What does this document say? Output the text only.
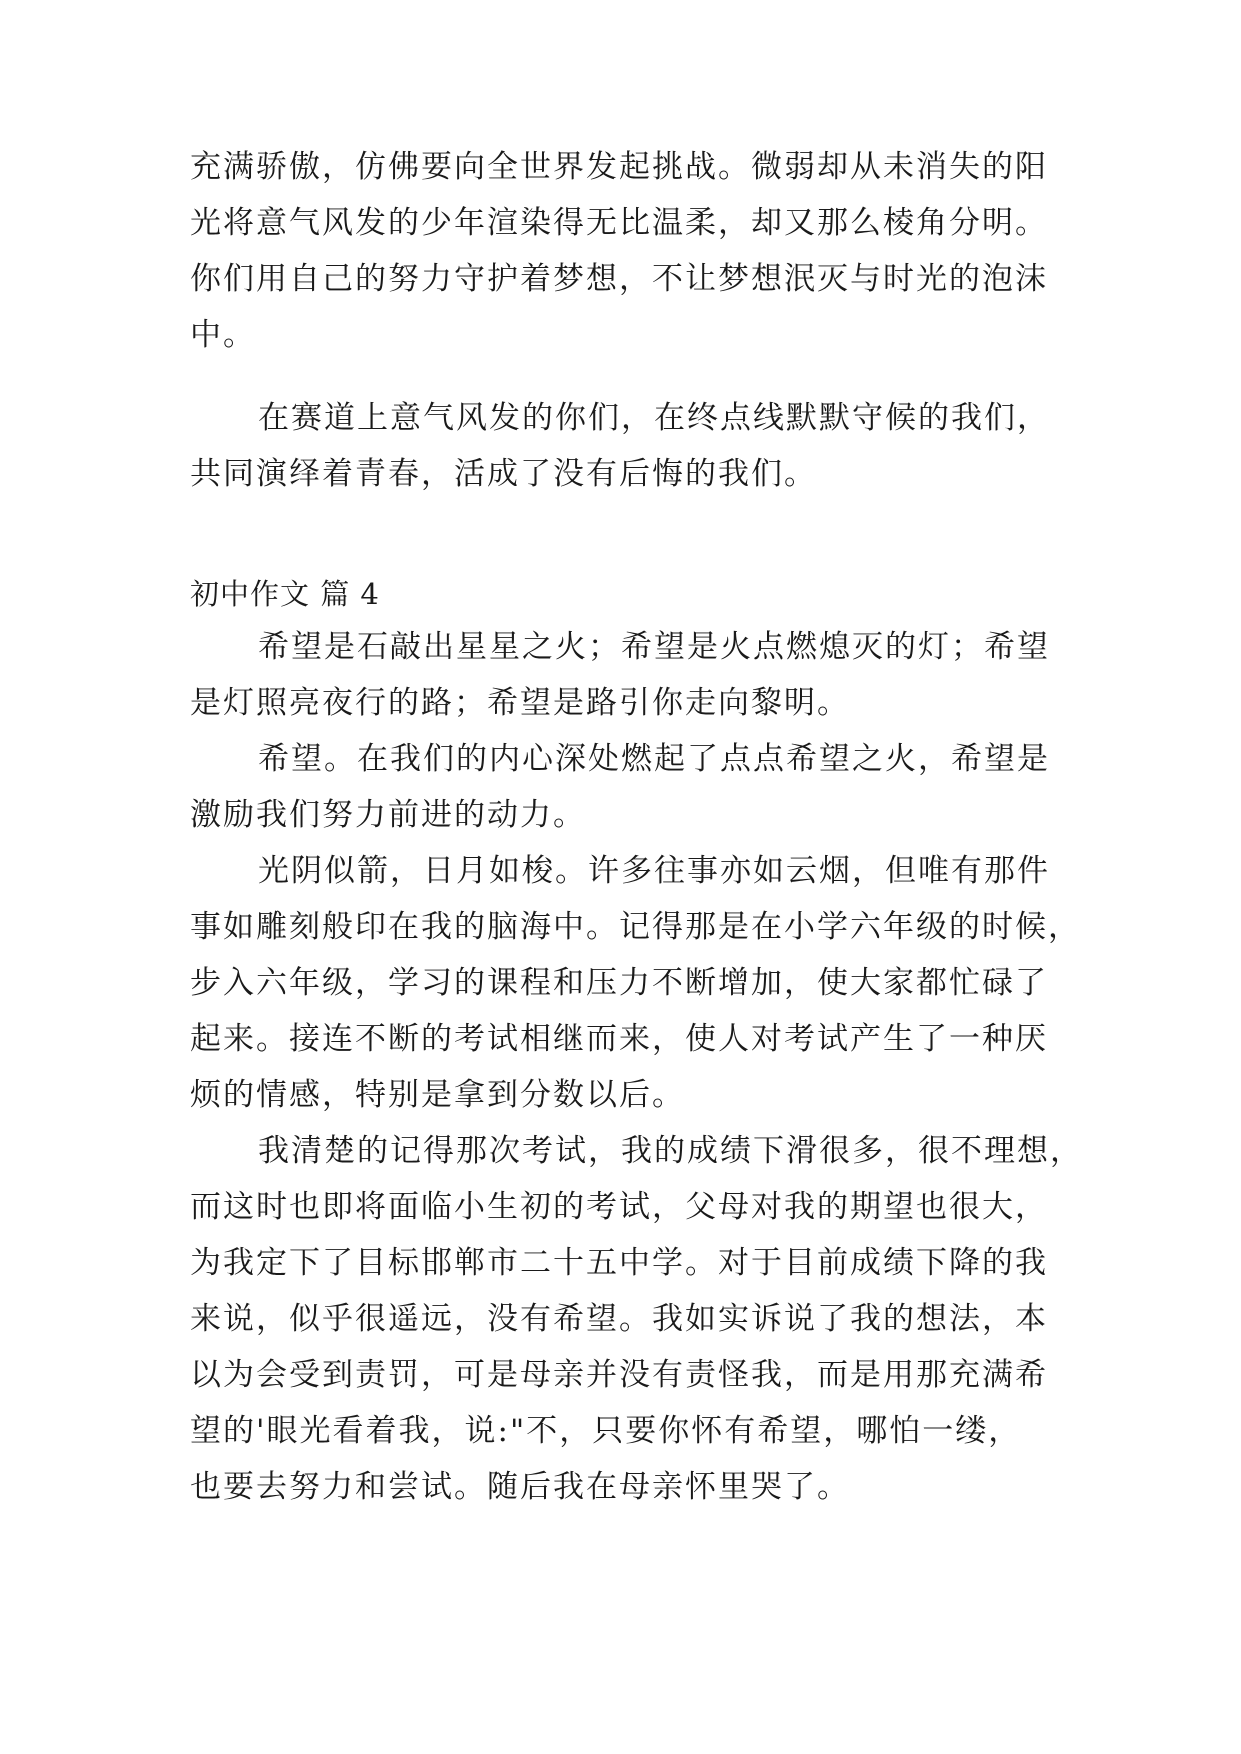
充满骄傲，仿佛要向全世界发起挑战。微弱却从未消失的阳
光将意气风发的少年渲染得无比温柔，却又那么棱角分明。
你们用自己的努力守护着梦想，不让梦想泯灭与时光的泡沫
中。
在赛道上意气风发的你们，在终点线默默守候的我们，
共同演绎着青春，活成了没有后悔的我们。
初中作文 篇 4
希望是石敲出星星之火；希望是火点燃熄灭的灯；希望
是灯照亮夜行的路；希望是路引你走向黎明。
希望。在我们的内心深处燃起了点点希望之火，希望是
激励我们努力前进的动力。
光阴似箭，日月如梭。许多往事亦如云烟，但唯有那件
事如雕刻般印在我的脑海中。记得那是在小学六年级的时候，
步入六年级，学习的课程和压力不断增加，使大家都忙碌了
起来。接连不断的考试相继而来，使人对考试产生了一种厌
烦的情感，特别是拿到分数以后。
我清楚的记得那次考试，我的成绩下滑很多，很不理想，
而这时也即将面临小生初的考试，父母对我的期望也很大，
为我定下了目标邯郸市二十五中学。对于目前成绩下降的我
来说，似乎很遥远，没有希望。我如实诉说了我的想法，本
以为会受到责罚，可是母亲并没有责怪我，而是用那充满希
望的'眼光看着我，说:"不，只要你怀有希望，哪怕一缕，
也要去努力和尝试。随后我在母亲怀里哭了。
